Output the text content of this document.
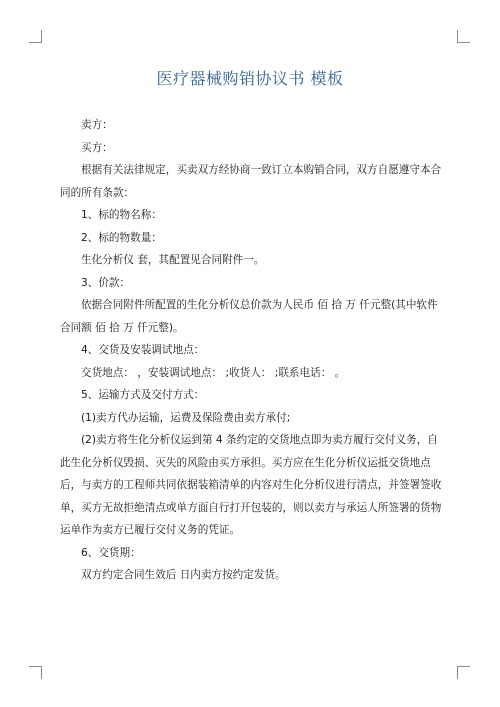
医疗器械购销协议书 模板

卖方：

买方：

根据有关法律规定，买卖双方经协商一致订立本购销合同，双方自愿遵守本合同的所有条款：

1、标的物名称：

2、标的物数量：

生化分析仪 套，其配置见合同附件一。

3、价款：

依据合同附件所配置的生化分析仪总价款为人民币 佰 拾 万 仟元整(其中软件合同额 佰 拾 万 仟元整)。

4、交货及安装调试地点：

交货地点： ，安装调试地点： ;收货人： ;联系电话： 。

5、运输方式及交付方式：

(1)卖方代办运输，运费及保险费由卖方承付;

(2)卖方将生化分析仪运到第 4 条约定的交货地点即为卖方履行交付义务，自此生化分析仪毁损、灭失的风险由买方承担。买方应在生化分析仪运抵交货地点后，与卖方的工程师共同依据装箱清单的内容对生化分析仪进行清点，并签署签收单，买方无故拒绝清点或单方面自行打开包装的，则以卖方与承运人所签署的货物运单作为卖方已履行交付义务的凭证。

6、交货期：

双方约定合同生效后 日内卖方按约定发货。
